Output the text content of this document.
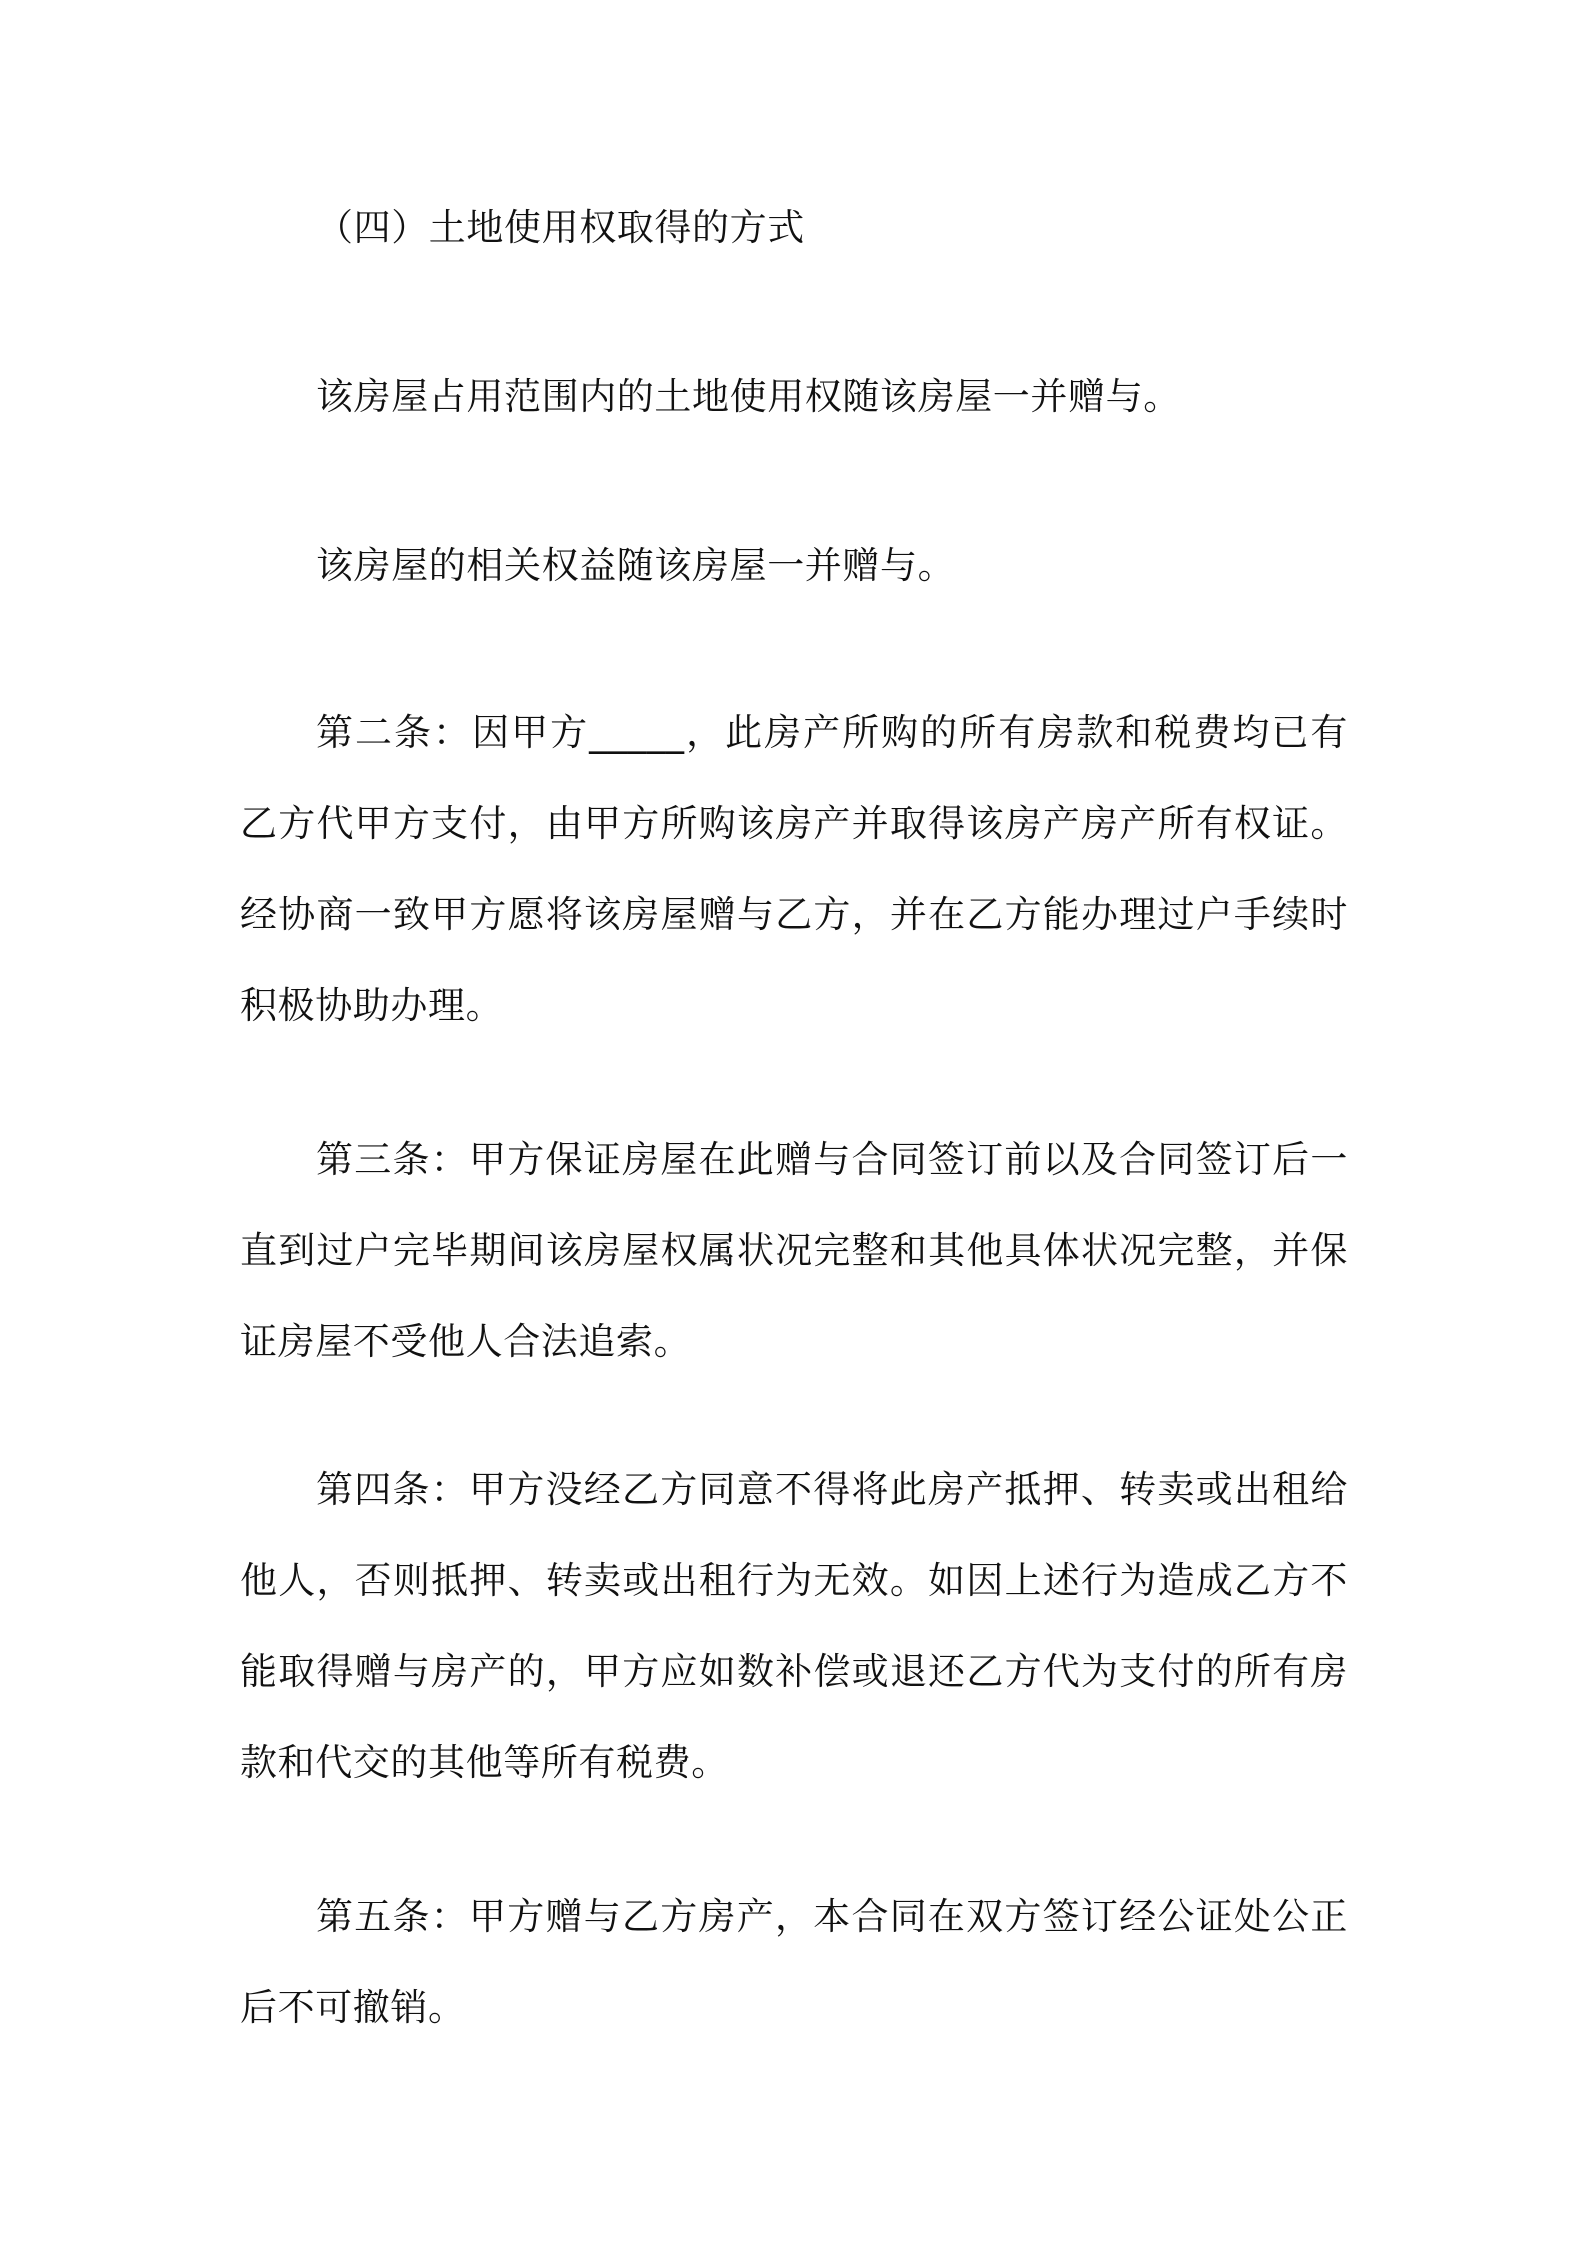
（四）土地使用权取得的方式

该房屋占用范围内的土地使用权随该房屋一并赠与。

该房屋的相关权益随该房屋一并赠与。

第二条：因甲方_____，此房产所购的所有房款和税费均已有乙方代甲方支付，由甲方所购该房产并取得该房产房产所有权证。经协商一致甲方愿将该房屋赠与乙方，并在乙方能办理过户手续时积极协助办理。

第三条：甲方保证房屋在此赠与合同签订前以及合同签订后一直到过户完毕期间该房屋权属状况完整和其他具体状况完整，并保证房屋不受他人合法追索。

第四条：甲方没经乙方同意不得将此房产抵押、转卖或出租给他人，否则抵押、转卖或出租行为无效。如因上述行为造成乙方不能取得赠与房产的，甲方应如数补偿或退还乙方代为支付的所有房款和代交的其他等所有税费。

第五条：甲方赠与乙方房产，本合同在双方签订经公证处公正后不可撤销。
